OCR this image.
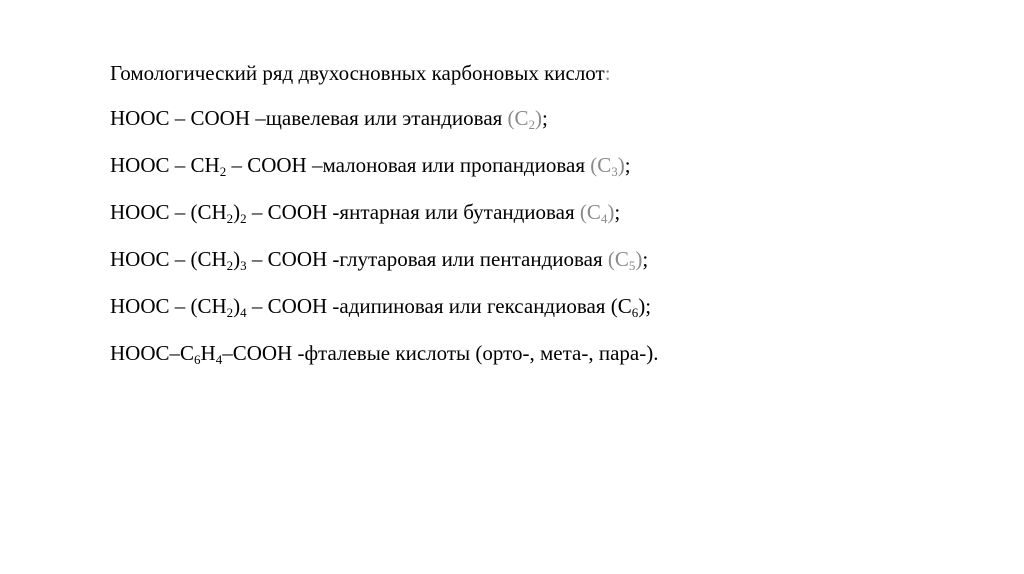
Гомологический ряд двухосновных карбоновых кислот:
HOOC – COOH –щавелевая или этандиовая $(C_2)$;
HOOC – $CH_2$ – COOH –малоновая или пропандиовая $(C_3)$;
HOOC – $(CH_2)_2$ – COOH -янтарная или бутандиовая $(C_4)$;
HOOC – $(CH_2)_3$ – COOH -глутаровая или пентандиовая $(C_5)$;
HOOC – $(CH_2)_4$ – COOH -адипиновая или гександиовая $(C_6)$;
HOOC–$C_6H_4$–COOH -фталевые кислоты (орто-, мета-, пара-).
